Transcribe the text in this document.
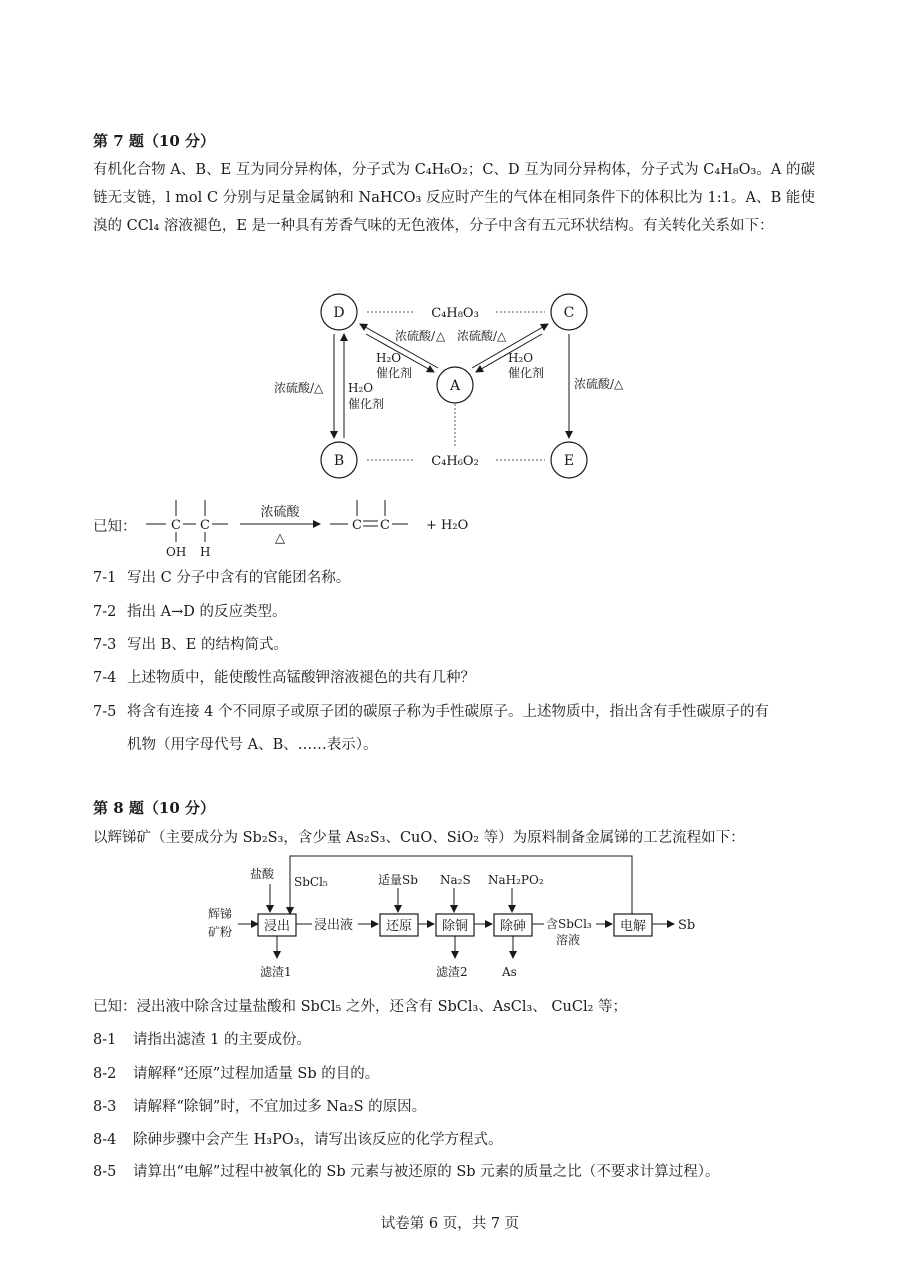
第 7 题（10 分）
有机化合物 A、B、E 互为同分异构体，分子式为 C₄H₆O₂；C、D 互为同分异构体，分子式为 C₄H₈O₃。A 的碳链无支链，l mol C 分别与足量金属钠和 NaHCO₃ 反应时产生的气体在相同条件下的体积比为 1:1。A、B 能使溴的 CCl₄ 溶液褪色，E 是一种具有芳香气味的无色液体，分子中含有五元环状结构。有关转化关系如下：
D	C
A
B	E
C₄H₈O₃
C₄H₆O₂
浓硫酸/ △ 浓硫酸/△
H₂O
催化剂
H₂O
催化剂
浓硫酸/△ H₂O
催化剂
浓硫酸/△
已知：	C C
OH H
浓硫酸
△
C C	+ H₂O
7-1 写出 C 分子中含有的官能团名称。
7-2 指出 A→D 的反应类型。
7-3 写出 B、E 的结构简式。
7-4 上述物质中，能使酸性高锰酸钾溶液褪色的共有几种？
7-5 将含有连接 4 个不同原子或原子团的碳原子称为手性碳原子。上述物质中，指出含有手性碳原子的有
机物（用字母代号 A、B、……表示）。
第 8 题（10 分）
以辉锑矿（主要成分为 Sb₂S₃，含少量 As₂S₃、CuO、SiO₂ 等）为原料制备金属锑的工艺流程如下：
SbCl₅
辉锑
矿粉
盐酸
浸出
滤渣1
浸出液
适量Sb
还原
Na₂S
除铜
滤渣2
NaH₂PO₂
除砷
As
含SbCl₃
溶液
电解 Sb
已知：浸出液中除含过量盐酸和 SbCl₅ 之外，还含有 SbCl₃、AsCl₃、 CuCl₂ 等；
8-1 请指出滤渣 1 的主要成份。
8-2 请解释“还原”过程加适量 Sb 的目的。
8-3 请解释“除铜”时，不宜加过多 Na₂S 的原因。
8-4 除砷步骤中会产生 H₃PO₃，请写出该反应的化学方程式。
8-5 请算出“电解”过程中被氧化的 Sb 元素与被还原的 Sb 元素的质量之比（不要求计算过程）。
试卷第 6 页，共 7 页
